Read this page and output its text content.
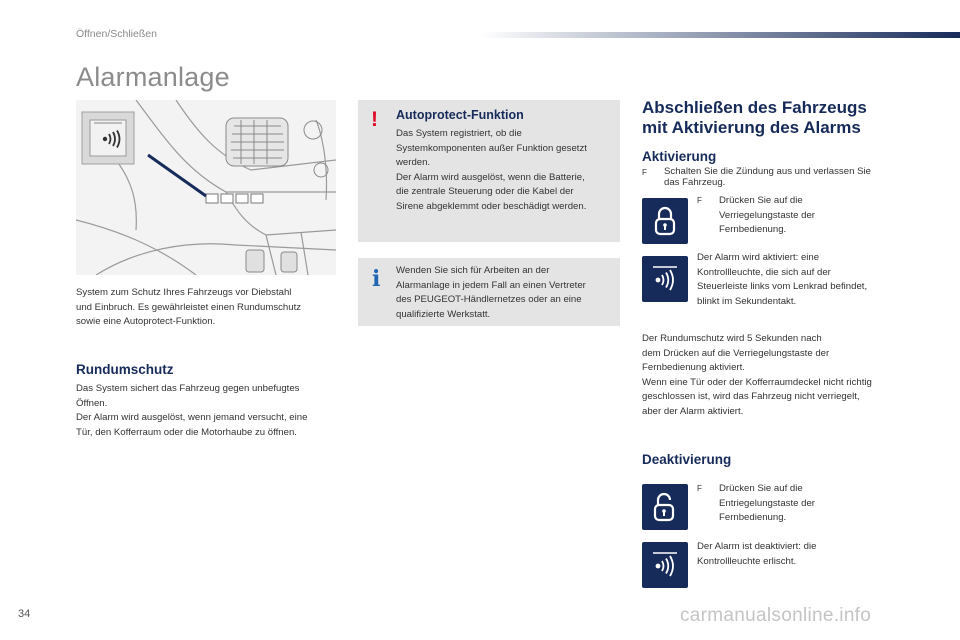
Öffnen/Schließen
Alarmanlage

System zum Schutz Ihres Fahrzeugs vor Diebstahl
und Einbruch. Es gewährleistet einen Rundumschutz
sowie eine Autoprotect-Funktion.

Rundumschutz

Das System sichert das Fahrzeug gegen unbefugtes
Öffnen.
Der Alarm wird ausgelöst, wenn jemand versucht, eine
Tür, den Kofferraum oder die Motorhaube zu öffnen.

! Autoprotect-Funktion

Das System registriert, ob die
Systemkomponenten außer Funktion gesetzt
werden.
Der Alarm wird ausgelöst, wenn die Batterie,
die zentrale Steuerung oder die Kabel der
Sirene abgeklemmt oder beschädigt werden.

i Wenden Sie sich für Arbeiten an der
Alarmanlage in jedem Fall an einen Vertreter
des PEUGEOT-Händlernetzes oder an eine
qualifizierte Werkstatt.

Abschließen des Fahrzeugs
mit Aktivierung des Alarms
Aktivierung
F	Schalten Sie die Zündung aus und verlassen Sie
das Fahrzeug.

F	Drücken Sie auf die
Verriegelungstaste der
Fernbedienung.

Der Alarm wird aktiviert: eine
Kontrollleuchte, die sich auf der
Steuerleiste links vom Lenkrad befindet,
blinkt im Sekundentakt.

Der Rundumschutz wird 5 Sekunden nach
dem Drücken auf die Verriegelungstaste der
Fernbedienung aktiviert.
Wenn eine Tür oder der Kofferraumdeckel nicht richtig
geschlossen ist, wird das Fahrzeug nicht verriegelt,
aber der Alarm aktiviert.

Deaktivierung
F	Drücken Sie auf die
Entriegelungstaste der
Fernbedienung.

Der Alarm ist deaktiviert: die
Kontrollleuchte erlischt.

34	carmanualsonline.info
